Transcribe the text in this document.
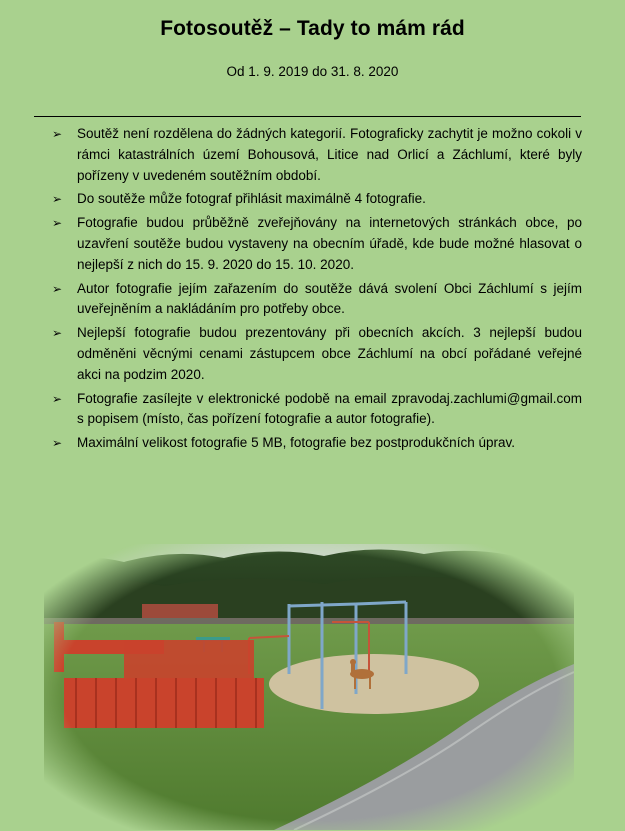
Fotosoutěž – Tady to mám rád
Od 1. 9. 2019 do 31. 8. 2020
➢	Soutěž není rozdělena do žádných kategorií. Fotograficky zachytit je možno cokoli v rámci katastrálních území Bohousová, Litice nad Orlicí a Záchlumí, které byly pořízeny v uvedeném soutěžním období.
➢	Do soutěže může fotograf přihlásit maximálně 4 fotografie.
➢	Fotografie budou průběžně zveřejňovány na internetových stránkách obce, po uzavření soutěže budou vystaveny na obecním úřadě, kde bude možné hlasovat o nejlepší z nich do 15. 9. 2020 do 15. 10. 2020.
➢	Autor fotografie jejím zařazením do soutěže dává svolení Obci Záchlumí s jejím uveřejněním a nakládáním pro potřeby obce.
➢	Nejlepší fotografie budou prezentovány při obecních akcích. 3 nejlepší budou odměněni věcnými cenami zástupcem obce Záchlumí na obcí pořádané veřejné akci na podzim 2020.
➢	Fotografie zasílejte v elektronické podobě na email zpravodaj.zachlumi@gmail.com s popisem (místo, čas pořízení fotografie a autor fotografie).
➢	Maximální velikost fotografie 5 MB, fotografie bez postprodukčních úprav.
